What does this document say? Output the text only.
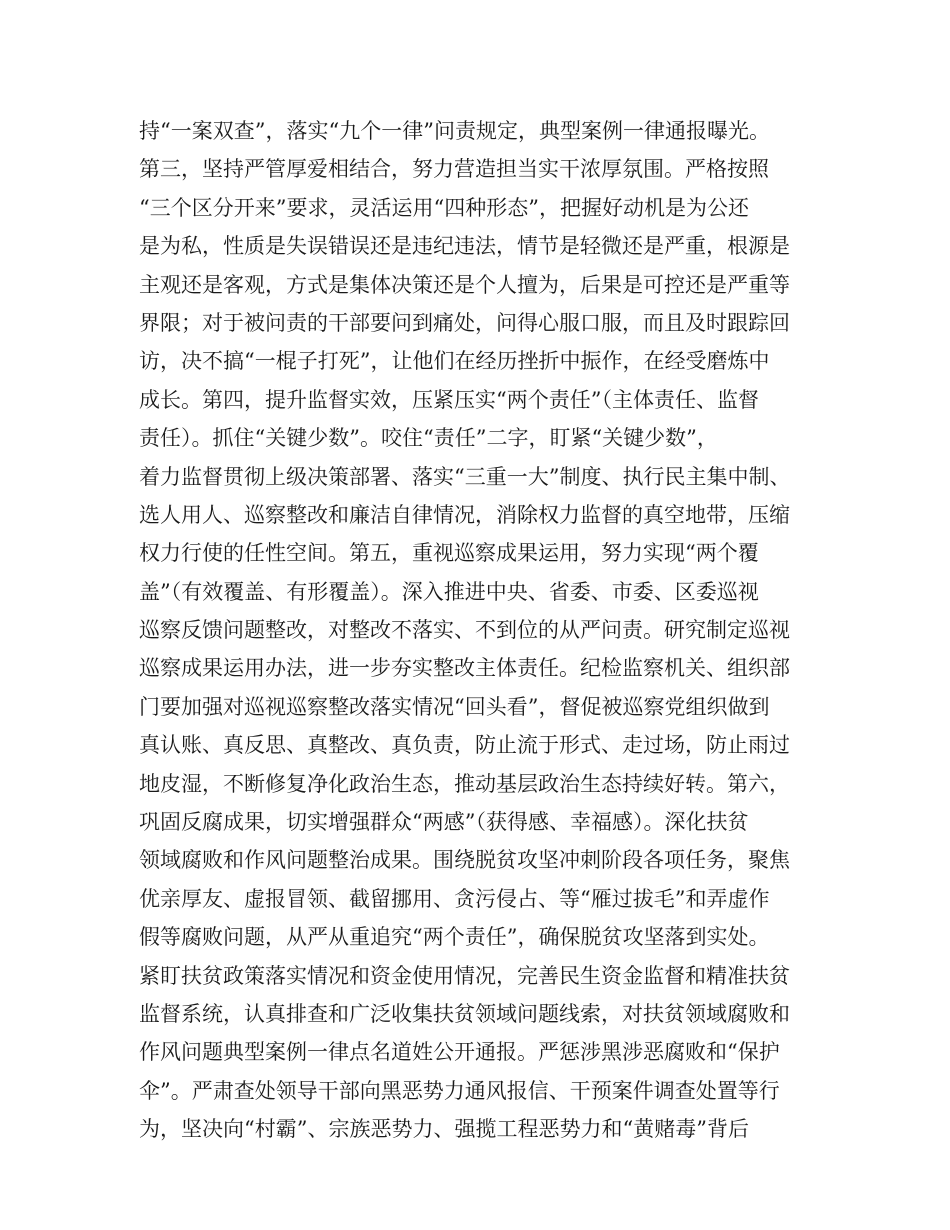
持“一案双查”，落实“九个一律”问责规定，典型案例一律通报曝光。
第三，坚持严管厚爱相结合，努力营造担当实干浓厚氛围。严格按照
“三个区分开来”要求，灵活运用“四种形态”，把握好动机是为公还
是为私，性质是失误错误还是违纪违法，情节是轻微还是严重，根源是
主观还是客观，方式是集体决策还是个人擅为，后果是可控还是严重等
界限；对于被问责的干部要问到痛处，问得心服口服，而且及时跟踪回
访，决不搞“一棍子打死”，让他们在经历挫折中振作，在经受磨炼中
成长。第四，提升监督实效，压紧压实“两个责任”（主体责任、监督
责任）。抓住“关键少数”。咬住“责任”二字，盯紧“关键少数”，
着力监督贯彻上级决策部署、落实“三重一大”制度、执行民主集中制、
选人用人、巡察整改和廉洁自律情况，消除权力监督的真空地带，压缩
权力行使的任性空间。第五，重视巡察成果运用，努力实现“两个覆
盖”（有效覆盖、有形覆盖）。深入推进中央、省委、市委、区委巡视
巡察反馈问题整改，对整改不落实、不到位的从严问责。研究制定巡视
巡察成果运用办法，进一步夯实整改主体责任。纪检监察机关、组织部
门要加强对巡视巡察整改落实情况“回头看”，督促被巡察党组织做到
真认账、真反思、真整改、真负责，防止流于形式、走过场，防止雨过
地皮湿，不断修复净化政治生态，推动基层政治生态持续好转。第六，
巩固反腐成果，切实增强群众“两感”（获得感、幸福感）。深化扶贫
领域腐败和作风问题整治成果。围绕脱贫攻坚冲刺阶段各项任务，聚焦
优亲厚友、虚报冒领、截留挪用、贪污侵占、等“雁过拔毛”和弄虚作
假等腐败问题，从严从重追究“两个责任”，确保脱贫攻坚落到实处。
紧盯扶贫政策落实情况和资金使用情况，完善民生资金监督和精准扶贫
监督系统，认真排查和广泛收集扶贫领域问题线索，对扶贫领域腐败和
作风问题典型案例一律点名道姓公开通报。严惩涉黑涉恶腐败和“保护
伞”。严肃查处领导干部向黑恶势力通风报信、干预案件调查处置等行
为，坚决向“村霸”、宗族恶势力、强揽工程恶势力和“黄赌毒”背后
